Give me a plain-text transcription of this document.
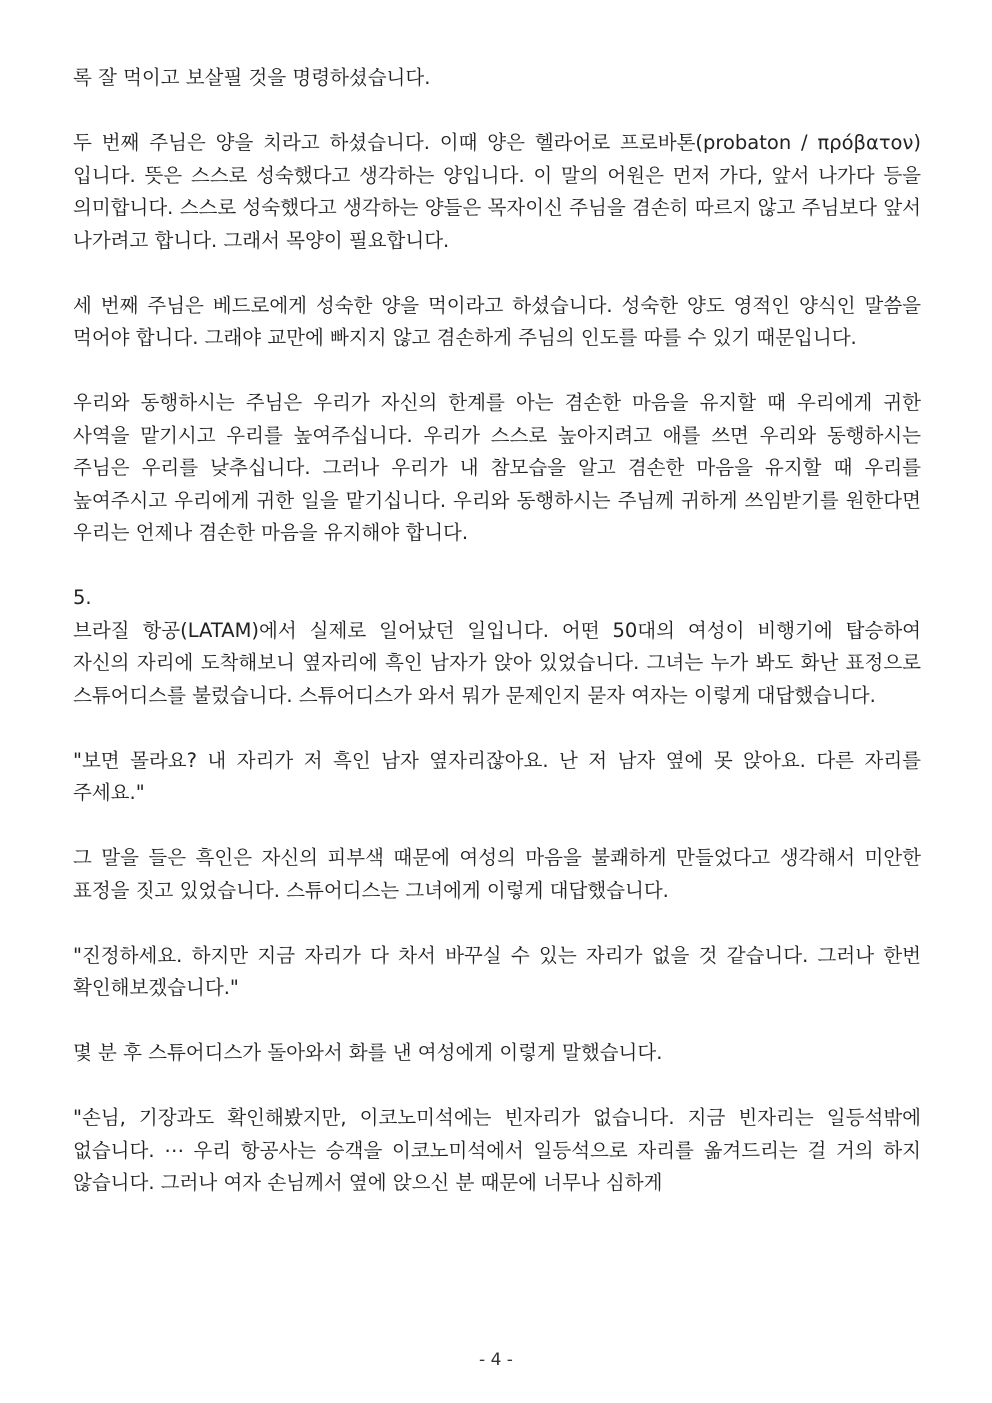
록 잘 먹이고 보살필 것을 명령하셨습니다.

두 번째 주님은 양을 치라고 하셨습니다. 이때 양은 헬라어로 프로바톤(probaton / πρόβατον)입니다. 뜻은 스스로 성숙했다고 생각하는 양입니다. 이 말의 어원은 먼저 가다, 앞서 나가다 등을 의미합니다. 스스로 성숙했다고 생각하는 양들은 목자이신 주님을 겸손히 따르지 않고 주님보다 앞서 나가려고 합니다. 그래서 목양이 필요합니다.

세 번째 주님은 베드로에게 성숙한 양을 먹이라고 하셨습니다. 성숙한 양도 영적인 양식인 말씀을 먹어야 합니다. 그래야 교만에 빠지지 않고 겸손하게 주님의 인도를 따를 수 있기 때문입니다.

우리와 동행하시는 주님은 우리가 자신의 한계를 아는 겸손한 마음을 유지할 때 우리에게 귀한 사역을 맡기시고 우리를 높여주십니다. 우리가 스스로 높아지려고 애를 쓰면 우리와 동행하시는 주님은 우리를 낮추십니다. 그러나 우리가 내 참모습을 알고 겸손한 마음을 유지할 때 우리를 높여주시고 우리에게 귀한 일을 맡기십니다. 우리와 동행하시는 주님께 귀하게 쓰임받기를 원한다면 우리는 언제나 겸손한 마음을 유지해야 합니다.

5.

브라질 항공(LATAM)에서 실제로 일어났던 일입니다. 어떤 50대의 여성이 비행기에 탑승하여 자신의 자리에 도착해보니 옆자리에 흑인 남자가 앉아 있었습니다. 그녀는 누가 봐도 화난 표정으로 스튜어디스를 불렀습니다. 스튜어디스가 와서 뭐가 문제인지 묻자 여자는 이렇게 대답했습니다.

"보면 몰라요? 내 자리가 저 흑인 남자 옆자리잖아요. 난 저 남자 옆에 못 앉아요. 다른 자리를 주세요."

그 말을 들은 흑인은 자신의 피부색 때문에 여성의 마음을 불쾌하게 만들었다고 생각해서 미안한 표정을 짓고 있었습니다. 스튜어디스는 그녀에게 이렇게 대답했습니다.

"진정하세요. 하지만 지금 자리가 다 차서 바꾸실 수 있는 자리가 없을 것 같습니다. 그러나 한번 확인해보겠습니다."

몇 분 후 스튜어디스가 돌아와서 화를 낸 여성에게 이렇게 말했습니다.

"손님, 기장과도 확인해봤지만, 이코노미석에는 빈자리가 없습니다. 지금 빈자리는 일등석밖에 없습니다. ⋯ 우리 항공사는 승객을 이코노미석에서 일등석으로 자리를 옮겨드리는 걸 거의 하지 않습니다. 그러나 여자 손님께서 옆에 앉으신 분 때문에 너무나 심하게

- 4 -
